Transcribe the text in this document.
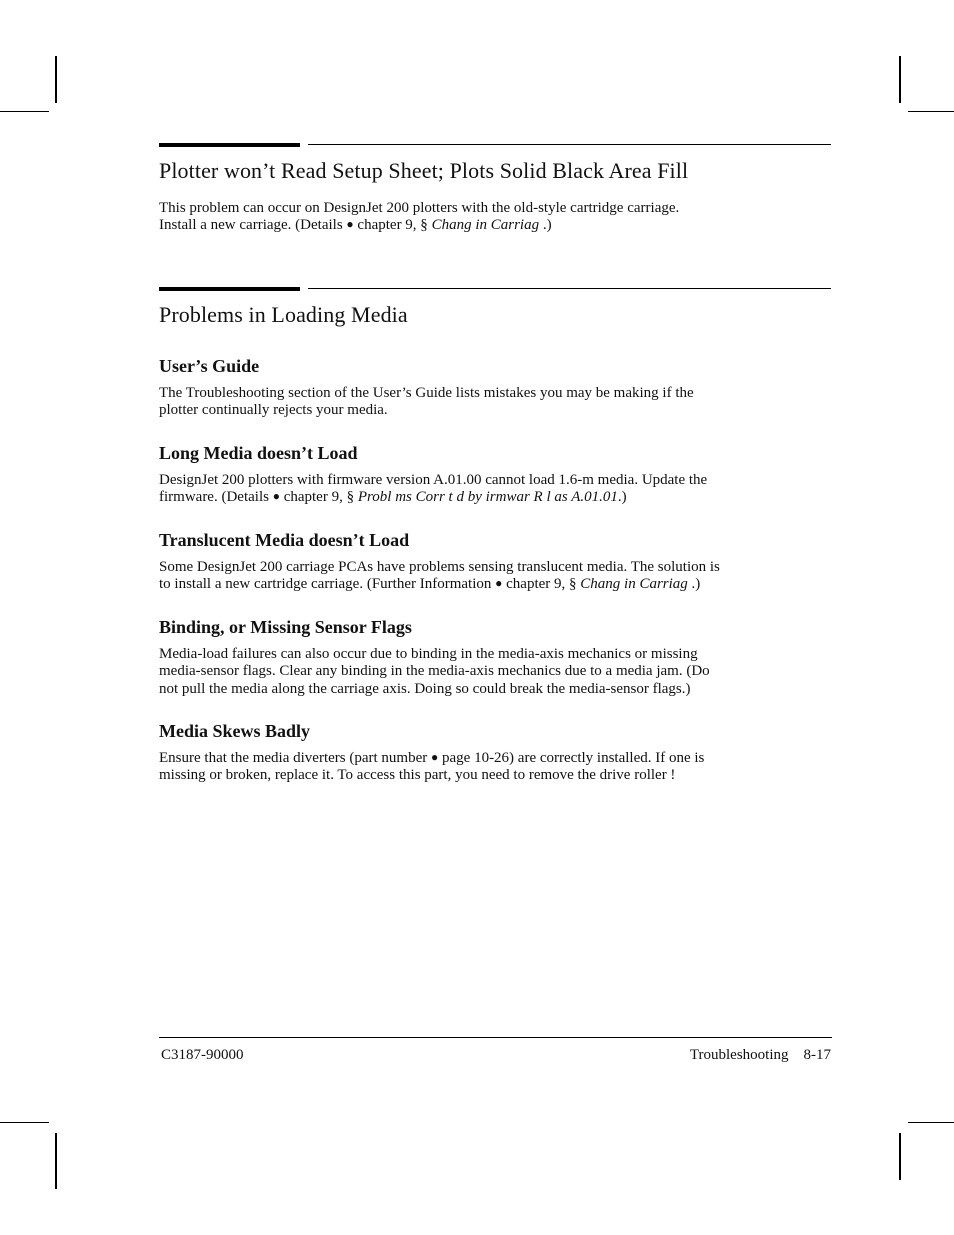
Plotter won’t Read Setup Sheet; Plots Solid Black Area Fill
This problem can occur on DesignJet 200 plotters with the old-style cartridge carriage.
Install a new carriage. (Details ● chapter 9, § Chang in Carriag .)
Problems in Loading Media
User’s Guide
The Troubleshooting section of the User’s Guide lists mistakes you may be making if the
plotter continually rejects your media.
Long Media doesn’t Load
DesignJet 200 plotters with firmware version A.01.00 cannot load 1.6-m media. Update the
firmware. (Details ● chapter 9, § Probl ms Corr t d by irmwar R l as A.01.01.)
Translucent Media doesn’t Load
Some DesignJet 200 carriage PCAs have problems sensing translucent media. The solution is
to install a new cartridge carriage. (Further Information ● chapter 9, § Chang in Carriag .)
Binding, or Missing Sensor Flags
Media-load failures can also occur due to binding in the media-axis mechanics or missing
media-sensor flags. Clear any binding in the media-axis mechanics due to a media jam. (Do
not pull the media along the carriage axis. Doing so could break the media-sensor flags.)
Media Skews Badly
Ensure that the media diverters (part number ● page 10-26) are correctly installed. If one is
missing or broken, replace it. To access this part, you need to remove the drive roller !
C3187-90000	Troubleshooting    8-17
